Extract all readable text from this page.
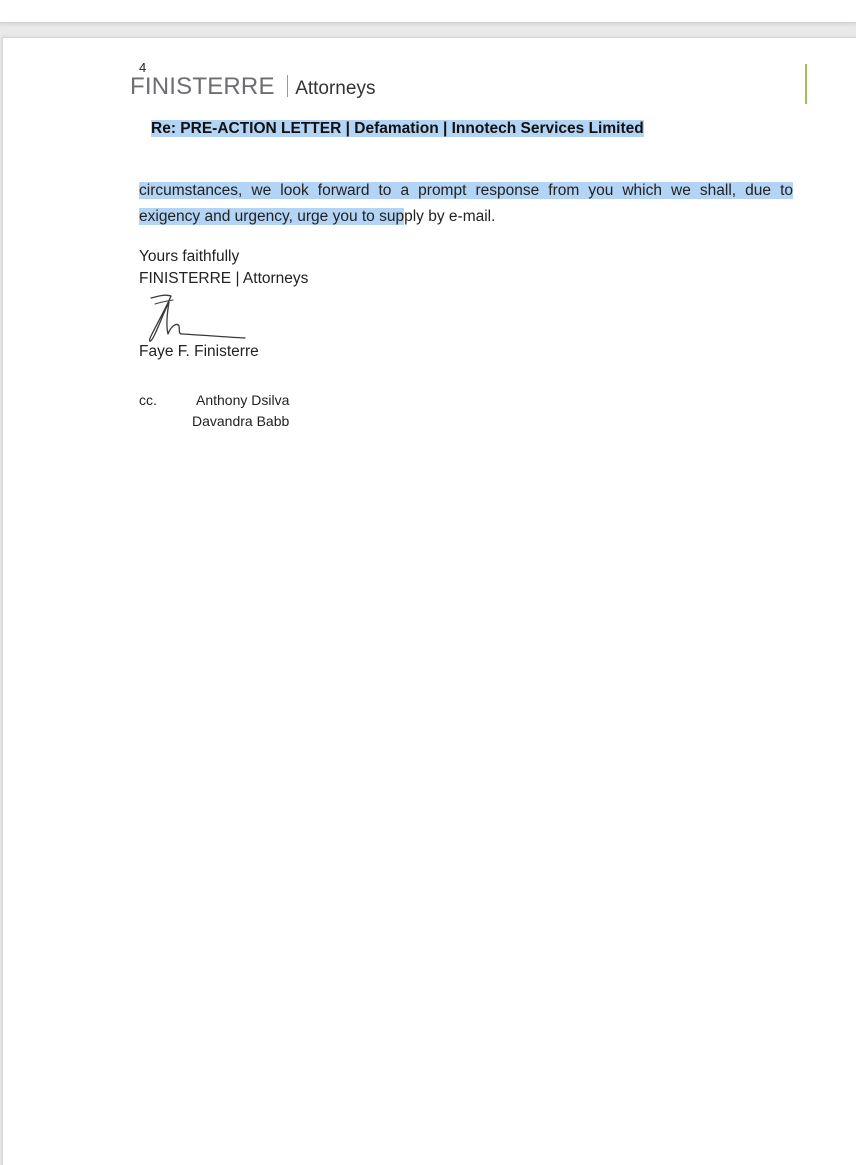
4
FINISTERRE Attorneys
Re: PRE-ACTION LETTER | Defamation | Innotech Services Limited
circumstances, we look forward to a prompt response from you which we shall, due to
exigency and urgency, urge you to supply by e-mail.
Yours faithfully
FINISTERRE | Attorneys
Faye F. Finisterre
cc.	Anthony Dsilva
Davandra Babb
